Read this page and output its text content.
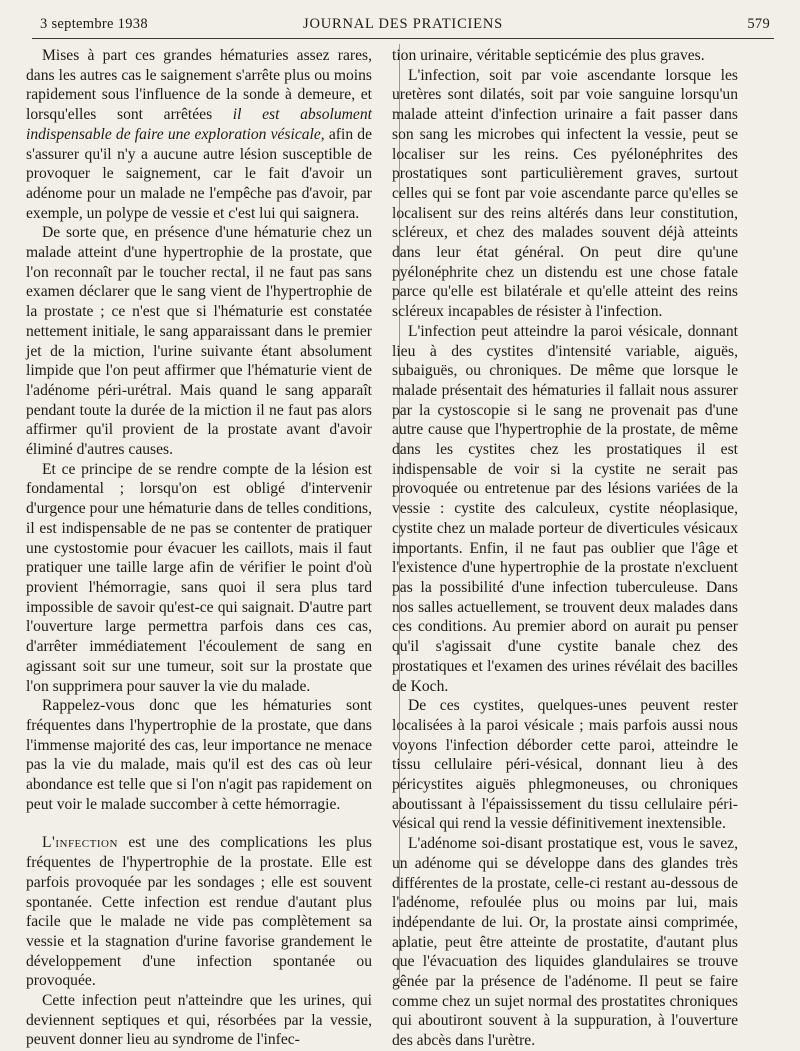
3 septembre 1938	JOURNAL DES PRATICIENS	579

Mises à part ces grandes hématuries assez rares, dans les autres cas le saignement s'arrête plus ou moins rapidement sous l'influence de la sonde à demeure, et lorsqu'elles sont arrêtées il est absolument indispensable de faire une exploration vésicale, afin de s'assurer qu'il n'y a aucune autre lésion susceptible de provoquer le saignement, car le fait d'avoir un adénome pour un malade ne l'empêche pas d'avoir, par exemple, un polype de vessie et c'est lui qui saignera.

De sorte que, en présence d'une hématurie chez un malade atteint d'une hypertrophie de la prostate, que l'on reconnaît par le toucher rectal, il ne faut pas sans examen déclarer que le sang vient de l'hypertrophie de la prostate ; ce n'est que si l'hématurie est constatée nettement initiale, le sang apparaissant dans le premier jet de la miction, l'urine suivante étant absolument limpide que l'on peut affirmer que l'hématurie vient de l'adénome péri-urétral. Mais quand le sang apparaît pendant toute la durée de la miction il ne faut pas alors affirmer qu'il provient de la prostate avant d'avoir éliminé d'autres causes.

Et ce principe de se rendre compte de la lésion est fondamental ; lorsqu'on est obligé d'intervenir d'urgence pour une hématurie dans de telles conditions, il est indispensable de ne pas se contenter de pratiquer une cystostomie pour évacuer les caillots, mais il faut pratiquer une taille large afin de vérifier le point d'où provient l'hémorragie, sans quoi il sera plus tard impossible de savoir qu'est-ce qui saignait. D'autre part l'ouverture large permettra parfois dans ces cas, d'arrêter immédiatement l'écoulement de sang en agissant soit sur une tumeur, soit sur la prostate que l'on supprimera pour sauver la vie du malade.

Rappelez-vous donc que les hématuries sont fréquentes dans l'hypertrophie de la prostate, que dans l'immense majorité des cas, leur importance ne menace pas la vie du malade, mais qu'il est des cas où leur abondance est telle que si l'on n'agit pas rapidement on peut voir le malade succomber à cette hémorragie.

L'infection est une des complications les plus fréquentes de l'hypertrophie de la prostate. Elle est parfois provoquée par les sondages ; elle est souvent spontanée. Cette infection est rendue d'autant plus facile que le malade ne vide pas complètement sa vessie et la stagnation d'urine favorise grandement le développement d'une infection spontanée ou provoquée.

Cette infection peut n'atteindre que les urines, qui deviennent septiques et qui, résorbées par la vessie, peuvent donner lieu au syndrome de l'infec-

tion urinaire, véritable septicémie des plus graves.

L'infection, soit par voie ascendante lorsque les uretères sont dilatés, soit par voie sanguine lorsqu'un malade atteint d'infection urinaire a fait passer dans son sang les microbes qui infectent la vessie, peut se localiser sur les reins. Ces pyélonéphrites des prostatiques sont particulièrement graves, surtout celles qui se font par voie ascendante parce qu'elles se localisent sur des reins altérés dans leur constitution, scléreux, et chez des malades souvent déjà atteints dans leur état général. On peut dire qu'une pyélonéphrite chez un distendu est une chose fatale parce qu'elle est bilatérale et qu'elle atteint des reins scléreux incapables de résister à l'infection.

L'infection peut atteindre la paroi vésicale, donnant lieu à des cystites d'intensité variable, aiguës, subaiguës, ou chroniques. De même que lorsque le malade présentait des hématuries il fallait nous assurer par la cystoscopie si le sang ne provenait pas d'une autre cause que l'hypertrophie de la prostate, de même dans les cystites chez les prostatiques il est indispensable de voir si la cystite ne serait pas provoquée ou entretenue par des lésions variées de la vessie : cystite des calculeux, cystite néoplasique, cystite chez un malade porteur de diverticules vésicaux importants. Enfin, il ne faut pas oublier que l'âge et l'existence d'une hypertrophie de la prostate n'excluent pas la possibilité d'une infection tuberculeuse. Dans nos salles actuellement, se trouvent deux malades dans ces conditions. Au premier abord on aurait pu penser qu'il s'agissait d'une cystite banale chez des prostatiques et l'examen des urines révélait des bacilles de Koch.

De ces cystites, quelques-unes peuvent rester localisées à la paroi vésicale ; mais parfois aussi nous voyons l'infection déborder cette paroi, atteindre le tissu cellulaire péri-vésical, donnant lieu à des péricystites aiguës phlegmoneuses, ou chroniques aboutissant à l'épaississement du tissu cellulaire péri-vésical qui rend la vessie définitivement inextensible.

L'adénome soi-disant prostatique est, vous le savez, un adénome qui se développe dans des glandes très différentes de la prostate, celle-ci restant au-dessous de l'adénome, refoulée plus ou moins par lui, mais indépendante de lui. Or, la prostate ainsi comprimée, aplatie, peut être atteinte de prostatite, d'autant plus que l'évacuation des liquides glandulaires se trouve gênée par la présence de l'adénome. Il peut se faire comme chez un sujet normal des prostatites chroniques qui aboutiront souvent à la suppuration, à l'ouverture des abcès dans l'urètre.
